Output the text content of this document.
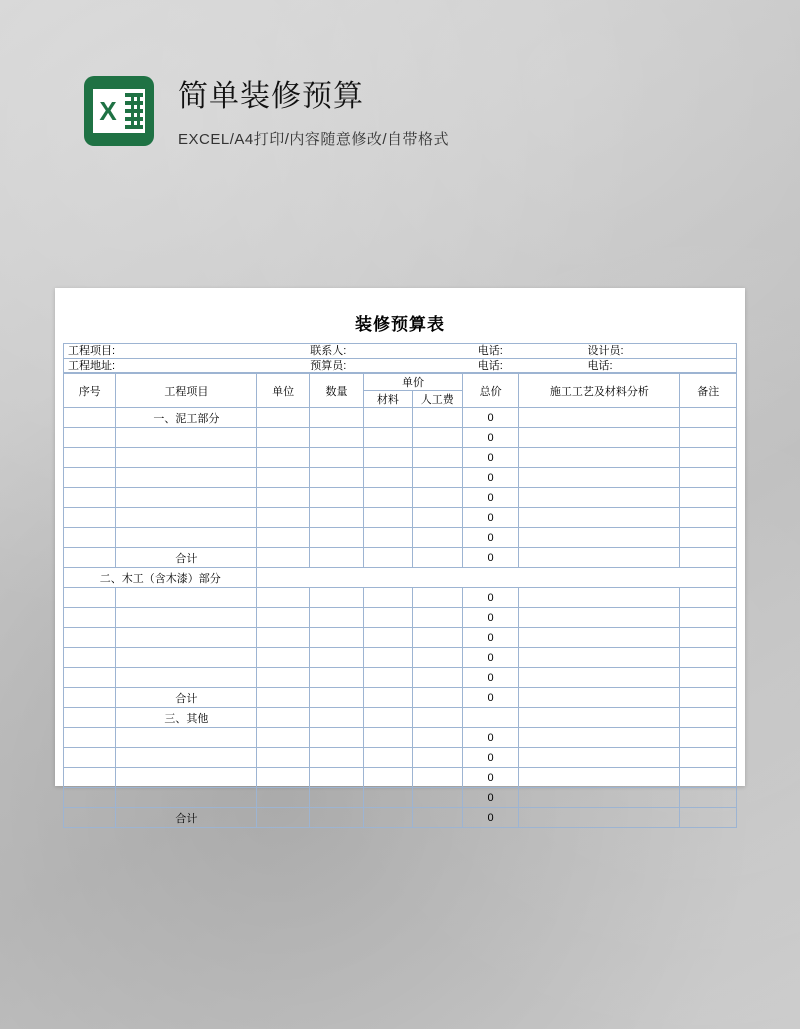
X 简单装修预算
EXCEL/A4打印/内容随意修改/自带格式
装修预算表
工程项目:	联系人:	电话:	设计员:
工程地址:	预算员:	电话:	电话:
序号	工程项目	单位	数量	单价		总价	施工工艺及材料分析	备注
				材料	人工费			
	一、泥工部分					0		
						0		
						0		
						0		
						0		
						0		
						0		
	合计					0		
二、木工（含木漆）部分								
						0		
						0		
						0		
						0		
						0		
	合计					0		
	三、其他							
						0		
						0		
						0		
						0		
	合计					0		
